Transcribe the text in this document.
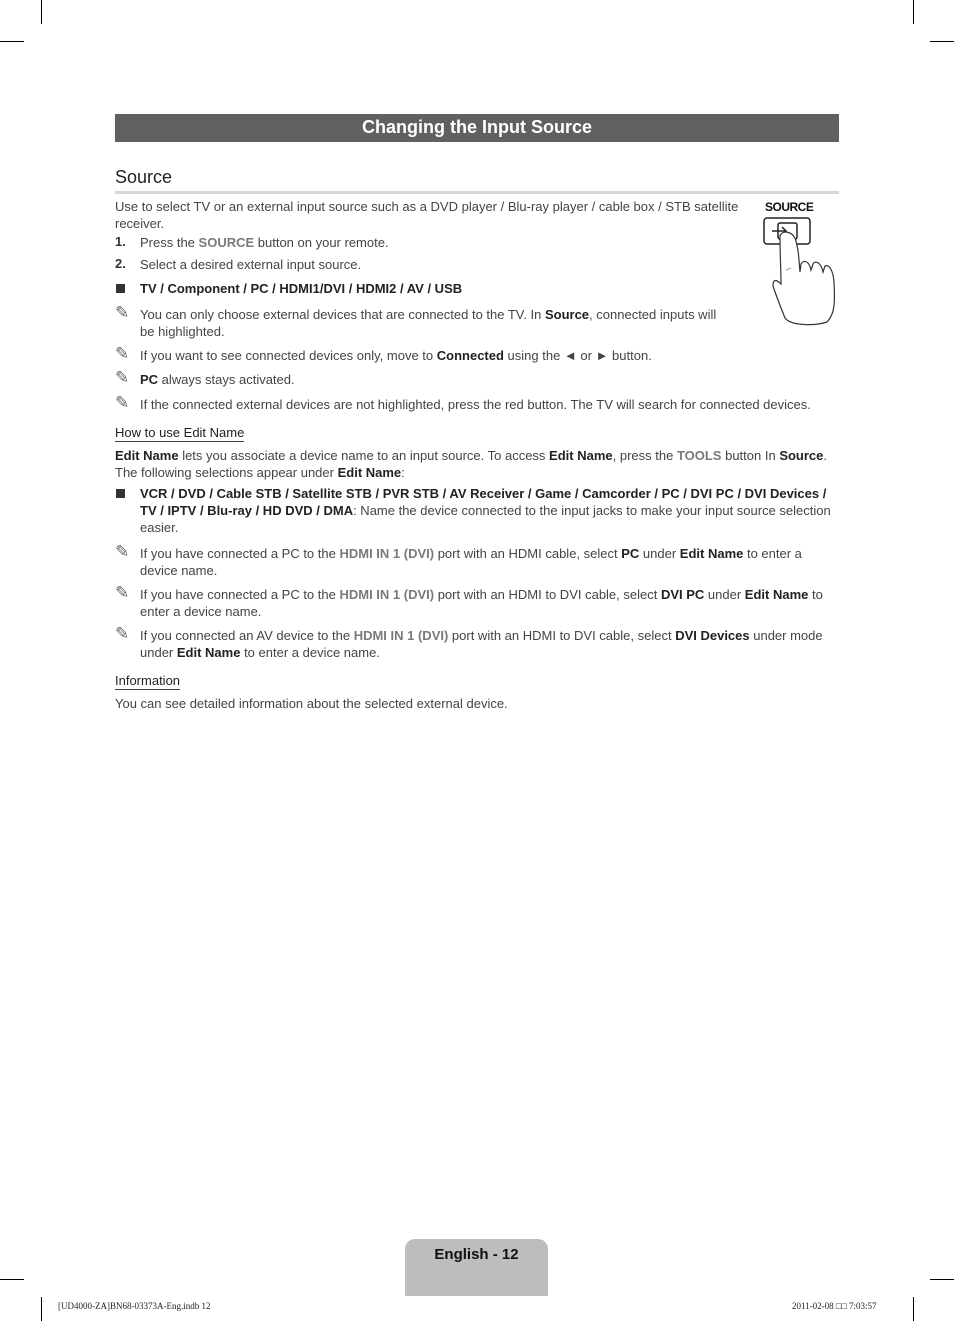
Changing the Input Source
Source
Use to select TV or an external input source such as a DVD player / Blu-ray player / cable box / STB satellite
receiver.
1. Press the SOURCE button on your remote.
2. Select a desired external input source.
TV / Component / PC / HDMI1/DVI / HDMI2 / AV / USB
✎ You can only choose external devices that are connected to the TV. In Source, connected inputs will
be highlighted.
✎ If you want to see connected devices only, move to Connected using the ◄ or ► button.
✎ PC always stays activated.
✎ If the connected external devices are not highlighted, press the red button. The TV will search for connected devices.
SOURCE
How to use Edit Name
Edit Name lets you associate a device name to an input source. To access Edit Name, press the TOOLS button In Source.
The following selections appear under Edit Name:
VCR / DVD / Cable STB / Satellite STB / PVR STB / AV Receiver / Game / Camcorder / PC / DVI PC / DVI Devices /
TV / IPTV / Blu-ray / HD DVD / DMA: Name the device connected to the input jacks to make your input source selection
easier.
✎ If you have connected a PC to the HDMI IN 1 (DVI) port with an HDMI cable, select PC under Edit Name to enter a
device name.
✎ If you have connected a PC to the HDMI IN 1 (DVI) port with an HDMI to DVI cable, select DVI PC under Edit Name to
enter a device name.
✎ If you connected an AV device to the HDMI IN 1 (DVI) port with an HDMI to DVI cable, select DVI Devices under mode
under Edit Name to enter a device name.
Information
You can see detailed information about the selected external device.
English - 12
[UD4000-ZA]BN68-03373A-Eng.indb 12	2011-02-08 □□ 7:03:57
